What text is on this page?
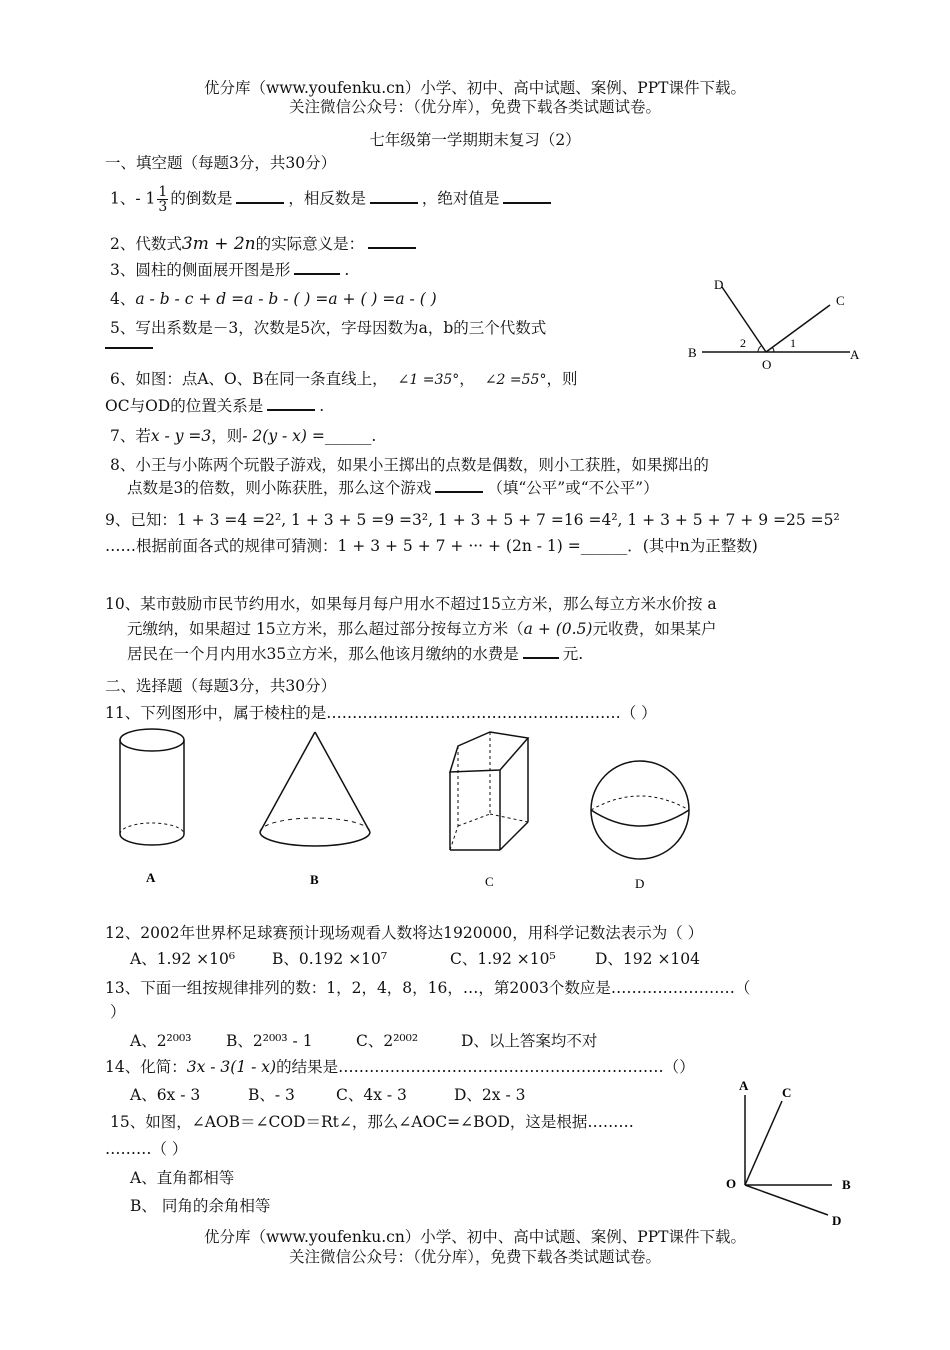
优分库（www.youfenku.cn）小学、初中、高中试题、案例、PPT课件下载。
关注微信公众号：（优分库），免费下载各类试题试卷。
七年级第一学期期末复习（2）
一、填空题（每题3分，共30分）
1、- $1 \frac{1}{3}$ 的倒数是	，相反数是	，绝对值是
2、代数式3m + 2n的实际意义是：
3、圆柱的侧面展开图是形	.
4、a - b - c + d =a - b - ( ) =a + ( ) =a - ( )
5、写出系数是－3，次数是5次，字母因数为a，b的三个代数式
6、如图：点A、O、B在同一条直线上， ∠1 =35°， ∠2 =55°，则
OC与OD的位置关系是	.
7、若x - y =3，则- 2(y - x) =______.
8、小王与小陈两个玩骰子游戏，如果小王掷出的点数是偶数，则小工获胜，如果掷出的
点数是3的倍数，则小陈获胜，那么这个游戏	（填“公平”或“不公平”）
9、已知：1 + 3 =4 =2², 1 + 3 + 5 =9 =3², 1 + 3 + 5 + 7 =16 =4², 1 + 3 + 5 + 7 + 9 =25 =5²
……根据前面各式的规律可猜测：1 + 3 + 5 + 7 + ··· + (2n - 1) =______．(其中n为正整数)
10、某市鼓励市民节约用水，如果每月每户用水不超过15立方米，那么每立方米水价按 a
元缴纳，如果超过 15立方米，那么超过部分按每立方米（a + (0.5)元收费，如果某户
居民在一个月内用水35立方米，那么他该月缴纳的水费是	元.
D
C
B
2	1
A
O
二、选择题（每题3分，共30分）
11、下列图形中，属于棱柱的是…………………………………………………（ ）
A	B	C	D
12、2002年世界杯足球赛预计现场观看人数将达1920000，用科学记数法表示为（ ）
A、1.92 ×10⁶ B、0.192 ×10⁷	C、1.92 ×10⁵	D、192 ×104
13、下面一组按规律排列的数：1，2，4，8，16，…，第2003个数应是……………………（
）
A、2²⁰⁰³ B、2²⁰⁰³ - 1	C、2²⁰⁰²	D、以上答案均不对
14、化简：3x - 3(1 - x)的结果是………………………………………………………（）
A、6x - 3	B、- 3	C、4x - 3	D、2x - 3
15、如图，∠AOB＝∠COD＝Rt∠，那么∠AOC=∠BOD，这是根据………
………（ ）
A、直角都相等
B、 同角的余角相等
A	C
O	B
D
优分库（www.youfenku.cn）小学、初中、高中试题、案例、PPT课件下载。
关注微信公众号：（优分库），免费下载各类试题试卷。
